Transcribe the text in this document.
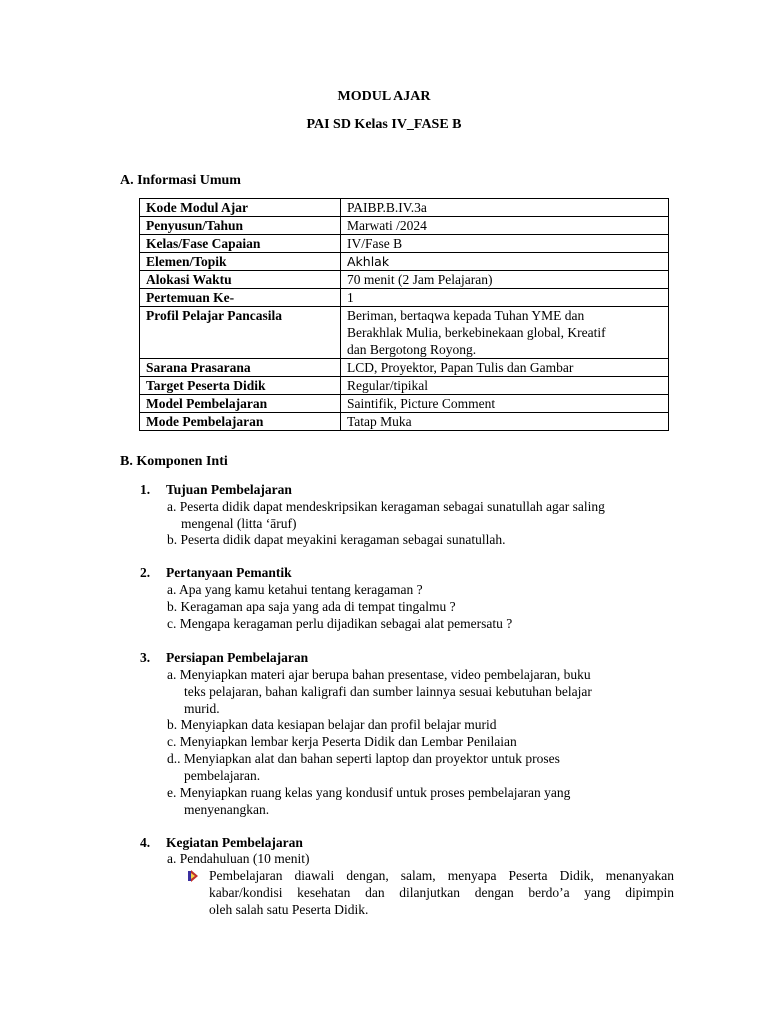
MODUL AJAR
PAI SD Kelas IV_FASE B
A. Informasi Umum
Kode Modul Ajar	PAIBP.B.IV.3a
Penyusun/Tahun	Marwati /2024
Kelas/Fase Capaian	IV/Fase B
Elemen/Topik	Akhlak
Alokasi Waktu	70 menit (2 Jam Pelajaran)
Pertemuan Ke-	1
Profil Pelajar Pancasila	Beriman, bertaqwa kepada Tuhan YME dan
Berakhlak Mulia, berkebinekaan global, Kreatif
dan Bergotong Royong.

Sarana Prasarana	LCD, Proyektor, Papan Tulis dan Gambar
Target Peserta Didik	Regular/tipikal
Model Pembelajaran	Saintifik, Picture Comment
Mode Pembelajaran	Tatap Muka
B. Komponen Inti
1. Tujuan Pembelajaran
a. Peserta didik dapat mendeskripsikan keragaman sebagai sunatullah agar saling
mengenal (litta ‘āruf)
b. Peserta didik dapat meyakini keragaman sebagai sunatullah.
2. Pertanyaan Pemantik
a. Apa yang kamu ketahui tentang keragaman ?
b. Keragaman apa saja yang ada di tempat tingalmu ?
c. Mengapa keragaman perlu dijadikan sebagai alat pemersatu ?
3. Persiapan Pembelajaran
a. Menyiapkan materi ajar berupa bahan presentase, video pembelajaran, buku
teks pelajaran, bahan kaligrafi dan sumber lainnya sesuai kebutuhan belajar
murid.
b. Menyiapkan data kesiapan belajar dan profil belajar murid
c. Menyiapkan lembar kerja Peserta Didik dan Lembar Penilaian
d.. Menyiapkan alat dan bahan seperti laptop dan proyektor untuk proses
pembelajaran.
e. Menyiapkan ruang kelas yang kondusif untuk proses pembelajaran yang
menyenangkan.
4. Kegiatan Pembelajaran
a. Pendahuluan (10 menit)
Pembelajaran diawali dengan, salam, menyapa Peserta Didik, menanyakan
kabar/kondisi kesehatan dan dilanjutkan dengan berdo’a yang dipimpin
oleh salah satu Peserta Didik.
